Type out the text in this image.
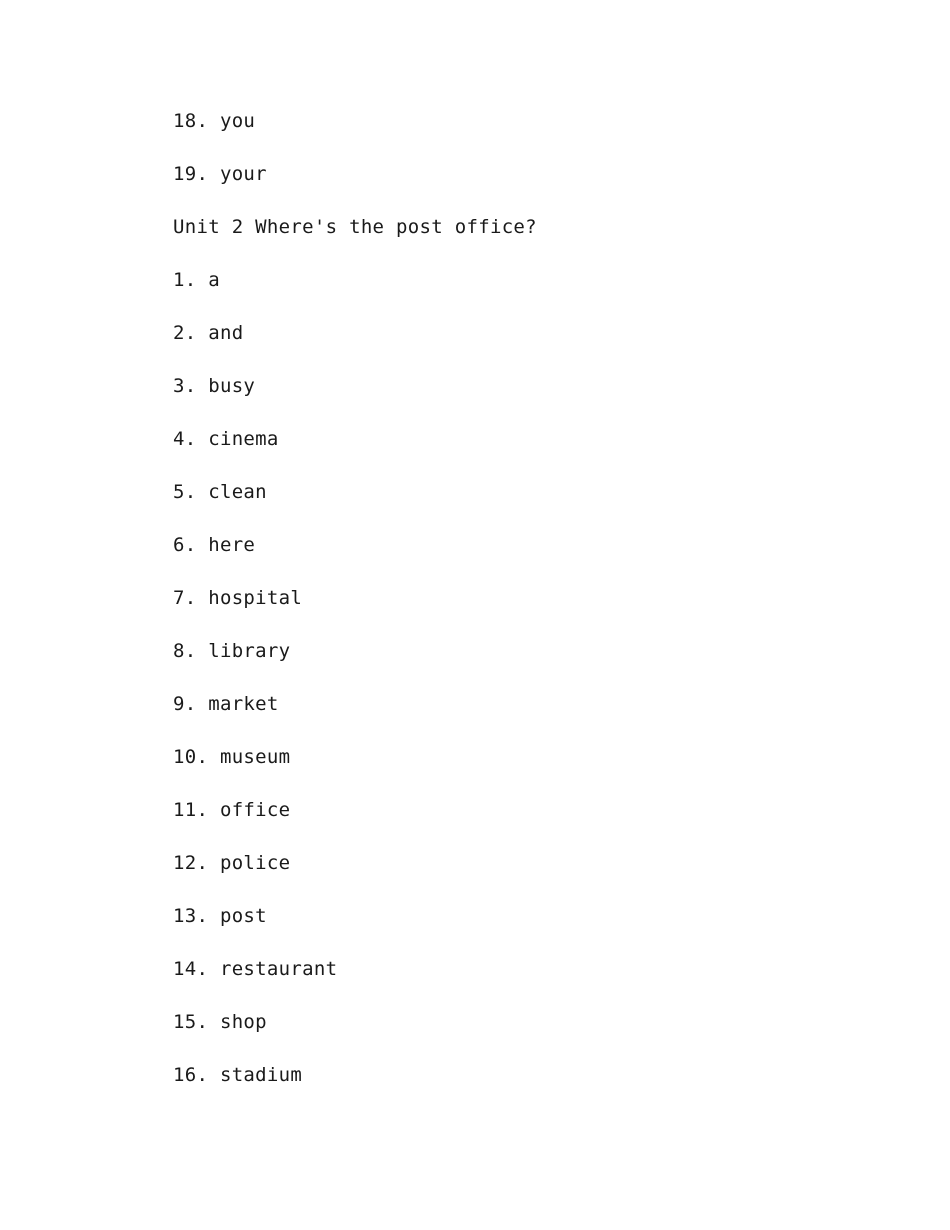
18. you
19. your
Unit 2 Where's the post office?
1. a
2. and
3. busy
4. cinema
5. clean
6. here
7. hospital
8. library
9. market
10. museum
11. office
12. police
13. post
14. restaurant
15. shop
16. stadium
